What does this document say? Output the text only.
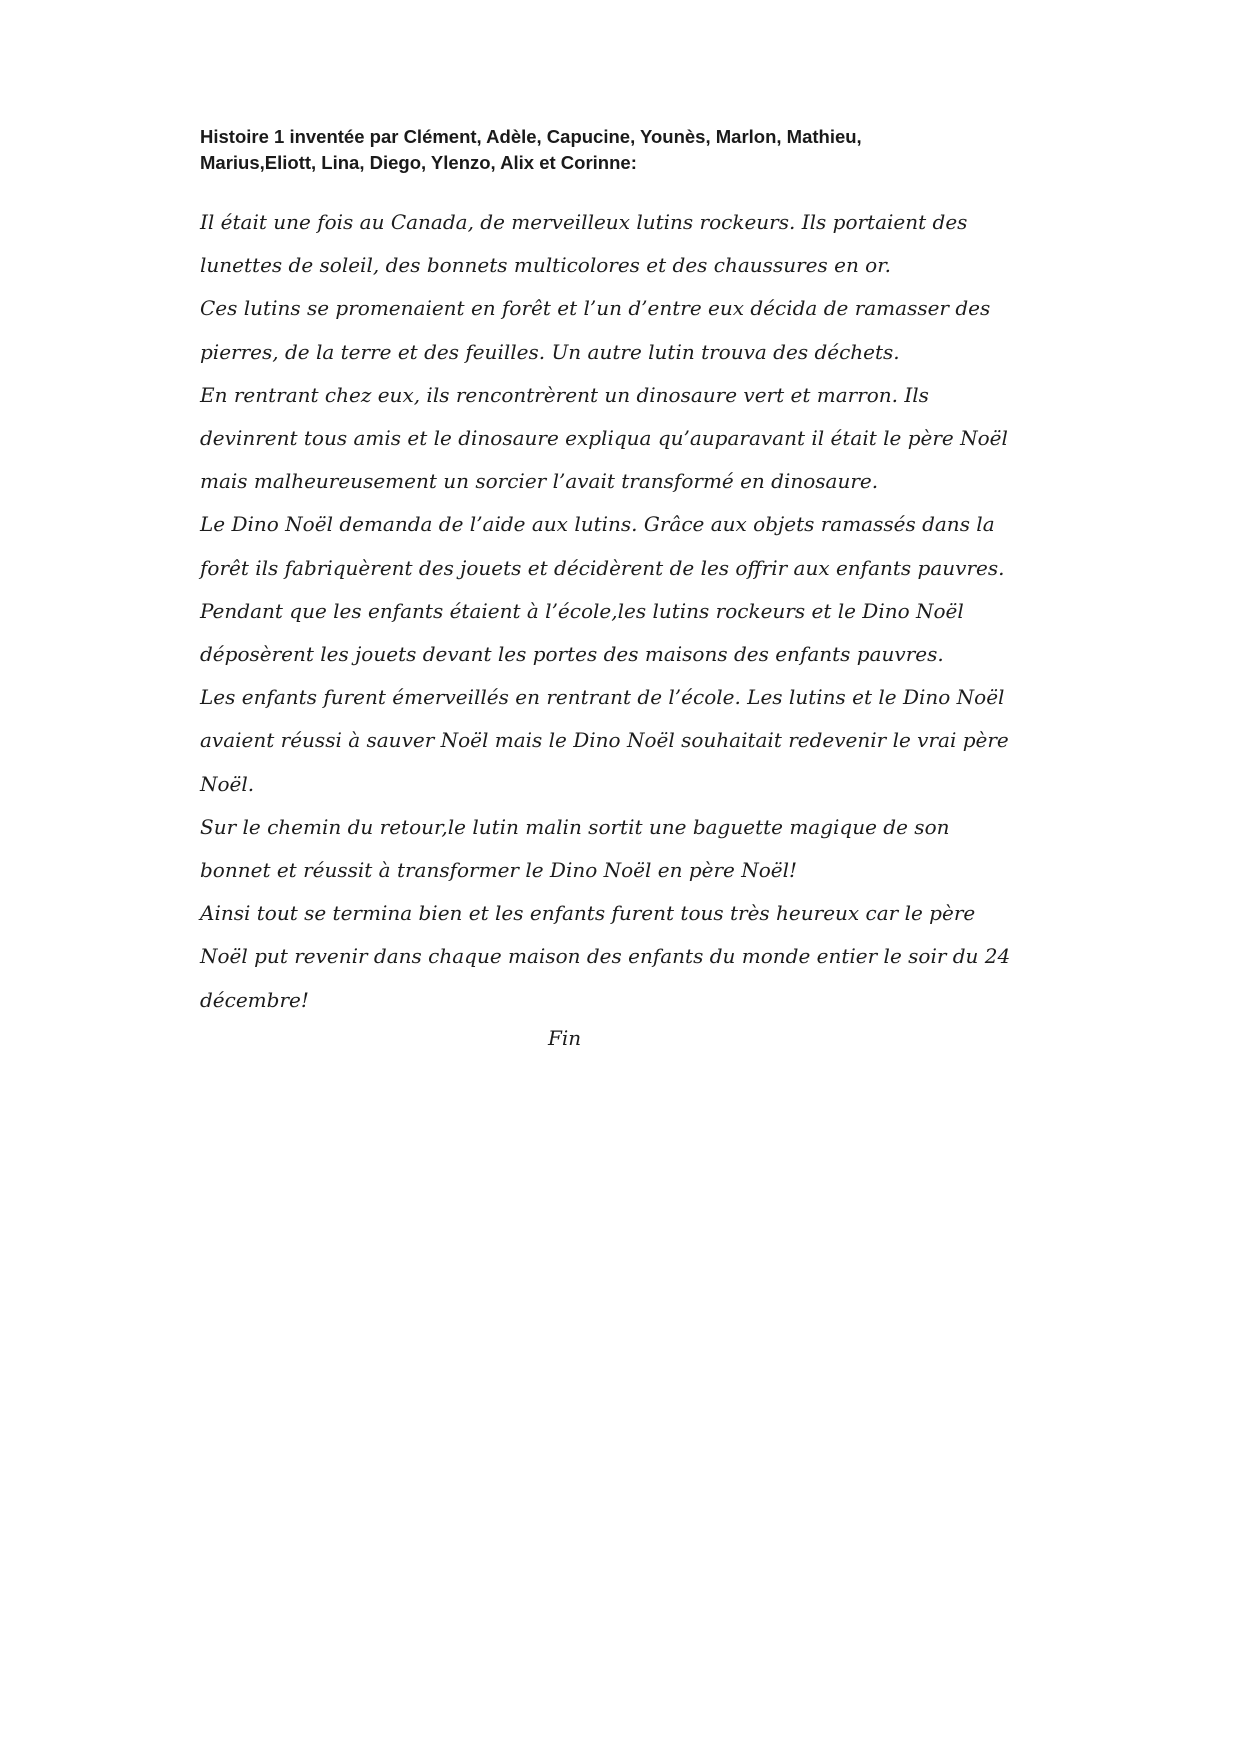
Histoire 1 inventée par Clément, Adèle, Capucine, Younès, Marlon, Mathieu,
Marius,Eliott, Lina, Diego, Ylenzo, Alix et Corinne:
Il était une fois au Canada, de merveilleux lutins rockeurs. Ils portaient des
lunettes de soleil, des bonnets multicolores et des chaussures en or.
Ces lutins se promenaient en forêt et l’un d’entre eux décida de ramasser des
pierres, de la terre et des feuilles. Un autre lutin trouva des déchets.
En rentrant chez eux, ils rencontrèrent un dinosaure vert et marron. Ils
devinrent tous amis et le dinosaure expliqua qu’auparavant il était le père Noël
mais malheureusement un sorcier l’avait transformé en dinosaure.
Le Dino Noël demanda de l’aide aux lutins. Grâce aux objets ramassés dans la
forêt ils fabriquèrent des jouets et décidèrent de les offrir aux enfants pauvres.
Pendant que les enfants étaient à l’école,les lutins rockeurs et le Dino Noël
déposèrent les jouets devant les portes des maisons des enfants pauvres.
Les enfants furent émerveillés en rentrant de l’école. Les lutins et le Dino Noël
avaient réussi à sauver Noël mais le Dino Noël souhaitait redevenir le vrai père
Noël.
Sur le chemin du retour,le lutin malin sortit une baguette magique de son
bonnet et réussit à transformer le Dino Noël en père Noël!
Ainsi tout se termina bien et les enfants furent tous très heureux car le père
Noël put revenir dans chaque maison des enfants du monde entier le soir du 24
décembre!
Fin
